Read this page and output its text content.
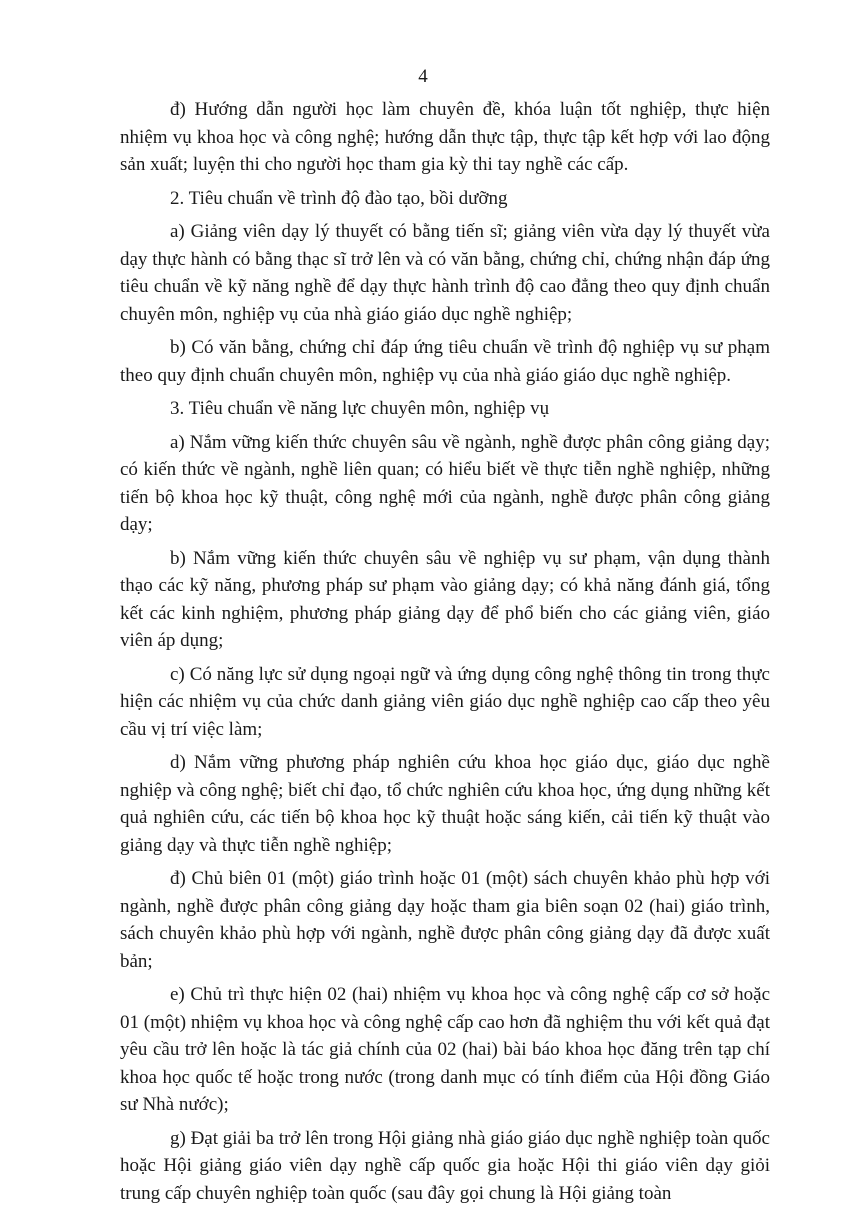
4

đ) Hướng dẫn người học làm chuyên đề, khóa luận tốt nghiệp, thực hiện nhiệm vụ khoa học và công nghệ; hướng dẫn thực tập, thực tập kết hợp với lao động sản xuất; luyện thi cho người học tham gia kỳ thi tay nghề các cấp.

2. Tiêu chuẩn về trình độ đào tạo, bồi dưỡng

a) Giảng viên dạy lý thuyết có bằng tiến sĩ; giảng viên vừa dạy lý thuyết vừa dạy thực hành có bằng thạc sĩ trở lên và có văn bằng, chứng chỉ, chứng nhận đáp ứng tiêu chuẩn về kỹ năng nghề để dạy thực hành trình độ cao đẳng theo quy định chuẩn chuyên môn, nghiệp vụ của nhà giáo giáo dục nghề nghiệp;

b) Có văn bằng, chứng chỉ đáp ứng tiêu chuẩn về trình độ nghiệp vụ sư phạm theo quy định chuẩn chuyên môn, nghiệp vụ của nhà giáo giáo dục nghề nghiệp.

3. Tiêu chuẩn về năng lực chuyên môn, nghiệp vụ

a) Nắm vững kiến thức chuyên sâu về ngành, nghề được phân công giảng dạy; có kiến thức về ngành, nghề liên quan; có hiểu biết về thực tiễn nghề nghiệp, những tiến bộ khoa học kỹ thuật, công nghệ mới của ngành, nghề được phân công giảng dạy;

b) Nắm vững kiến thức chuyên sâu về nghiệp vụ sư phạm, vận dụng thành thạo các kỹ năng, phương pháp sư phạm vào giảng dạy; có khả năng đánh giá, tổng kết các kinh nghiệm, phương pháp giảng dạy để phổ biến cho các giảng viên, giáo viên áp dụng;

c) Có năng lực sử dụng ngoại ngữ và ứng dụng công nghệ thông tin trong thực hiện các nhiệm vụ của chức danh giảng viên giáo dục nghề nghiệp cao cấp theo yêu cầu vị trí việc làm;

d) Nắm vững phương pháp nghiên cứu khoa học giáo dục, giáo dục nghề nghiệp và công nghệ; biết chỉ đạo, tổ chức nghiên cứu khoa học, ứng dụng những kết quả nghiên cứu, các tiến bộ khoa học kỹ thuật hoặc sáng kiến, cải tiến kỹ thuật vào giảng dạy và thực tiễn nghề nghiệp;

đ) Chủ biên 01 (một) giáo trình hoặc 01 (một) sách chuyên khảo phù hợp với ngành, nghề được phân công giảng dạy hoặc tham gia biên soạn 02 (hai) giáo trình, sách chuyên khảo phù hợp với ngành, nghề được phân công giảng dạy đã được xuất bản;

e) Chủ trì thực hiện 02 (hai) nhiệm vụ khoa học và công nghệ cấp cơ sở hoặc 01 (một) nhiệm vụ khoa học và công nghệ cấp cao hơn đã nghiệm thu với kết quả đạt yêu cầu trở lên hoặc là tác giả chính của 02 (hai) bài báo khoa học đăng trên tạp chí khoa học quốc tế hoặc trong nước (trong danh mục có tính điểm của Hội đồng Giáo sư Nhà nước);

g) Đạt giải ba trở lên trong Hội giảng nhà giáo giáo dục nghề nghiệp toàn quốc hoặc Hội giảng giáo viên dạy nghề cấp quốc gia hoặc Hội thi giáo viên dạy giỏi trung cấp chuyên nghiệp toàn quốc (sau đây gọi chung là Hội giảng toàn
